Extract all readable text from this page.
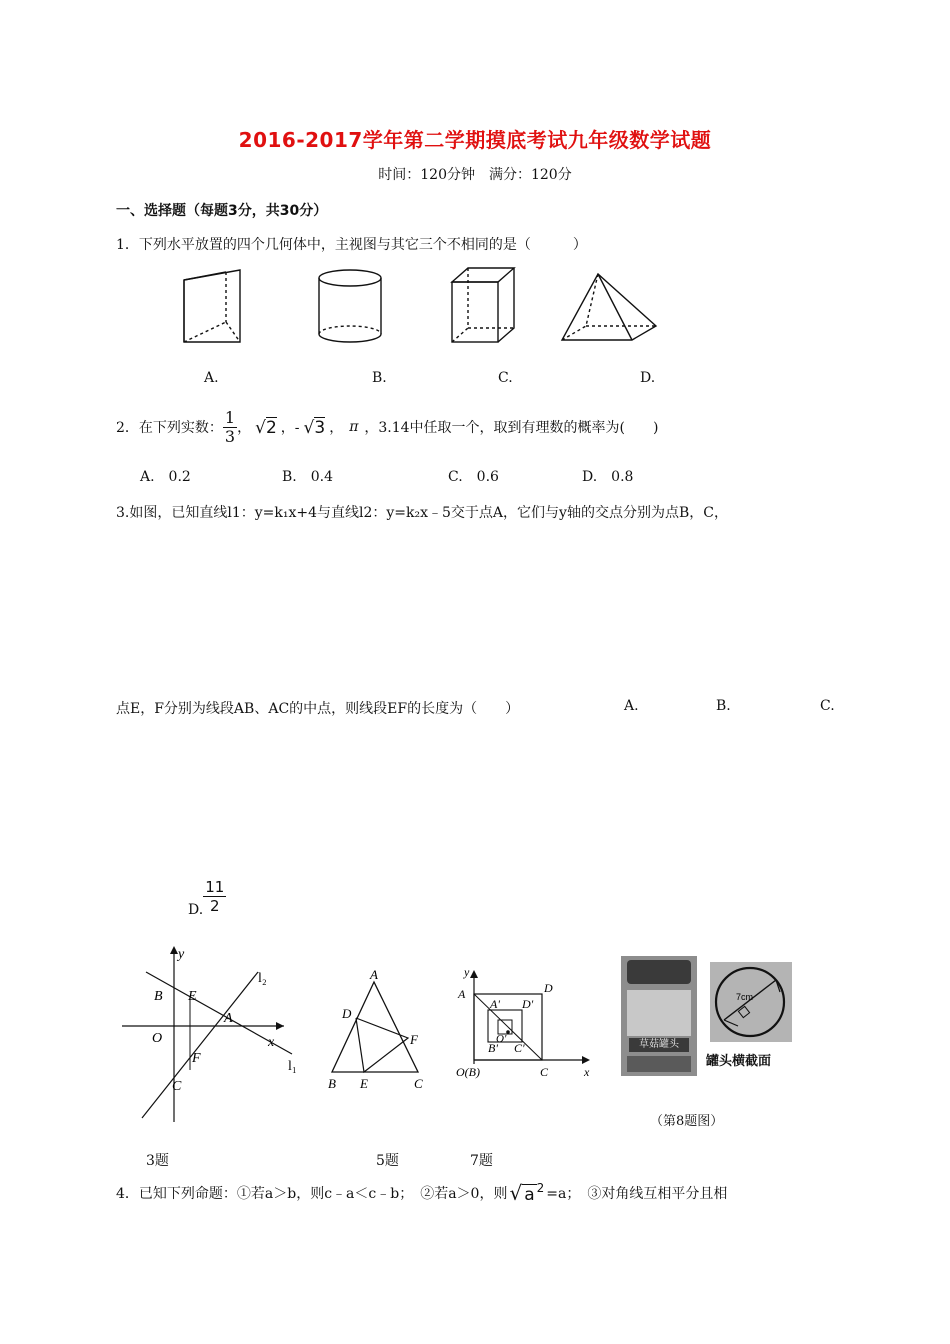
2016-2017学年第二学期摸底考试九年级数学试题
时间：120分钟　满分：120分
一、选择题（每题3分，共30分）
1．下列水平放置的四个几何体中，主视图与其它三个不相同的是（　　　）
A.	B.	C.	D.
2．在下列实数： $\frac{1}{3}$ ， √ 2 ，- √ 3 ， π ，3.14中任取一个，取到有理数的概率为(　　)
A.　0.2	B.　0.4	C.　0.6	D.　0.8
3.如图，已知直线l1：y=k₁x+4与直线l2：y=k₂x﹣5交于点A，它们与y轴的交点分别为点B，C，
点E，F分别为线段AB、AC的中点，则线段EF的长度为（　　）	A.	B.	C.
D. $\frac{11}{2}$
y
B E
A
O	x
F
C
l₂
l₁
A
D
F
B E	C
y
A	D
A' D'
O'
B' C'
O(B)	C	x
草菇罐头
7cm
罐头横截面
（第8题图）
3题	5题	7题
4．已知下列命题：①若a＞b，则c﹣a＜c﹣b；　②若a＞0，则 √ a 2 =a；　③对角线互相平分且相
